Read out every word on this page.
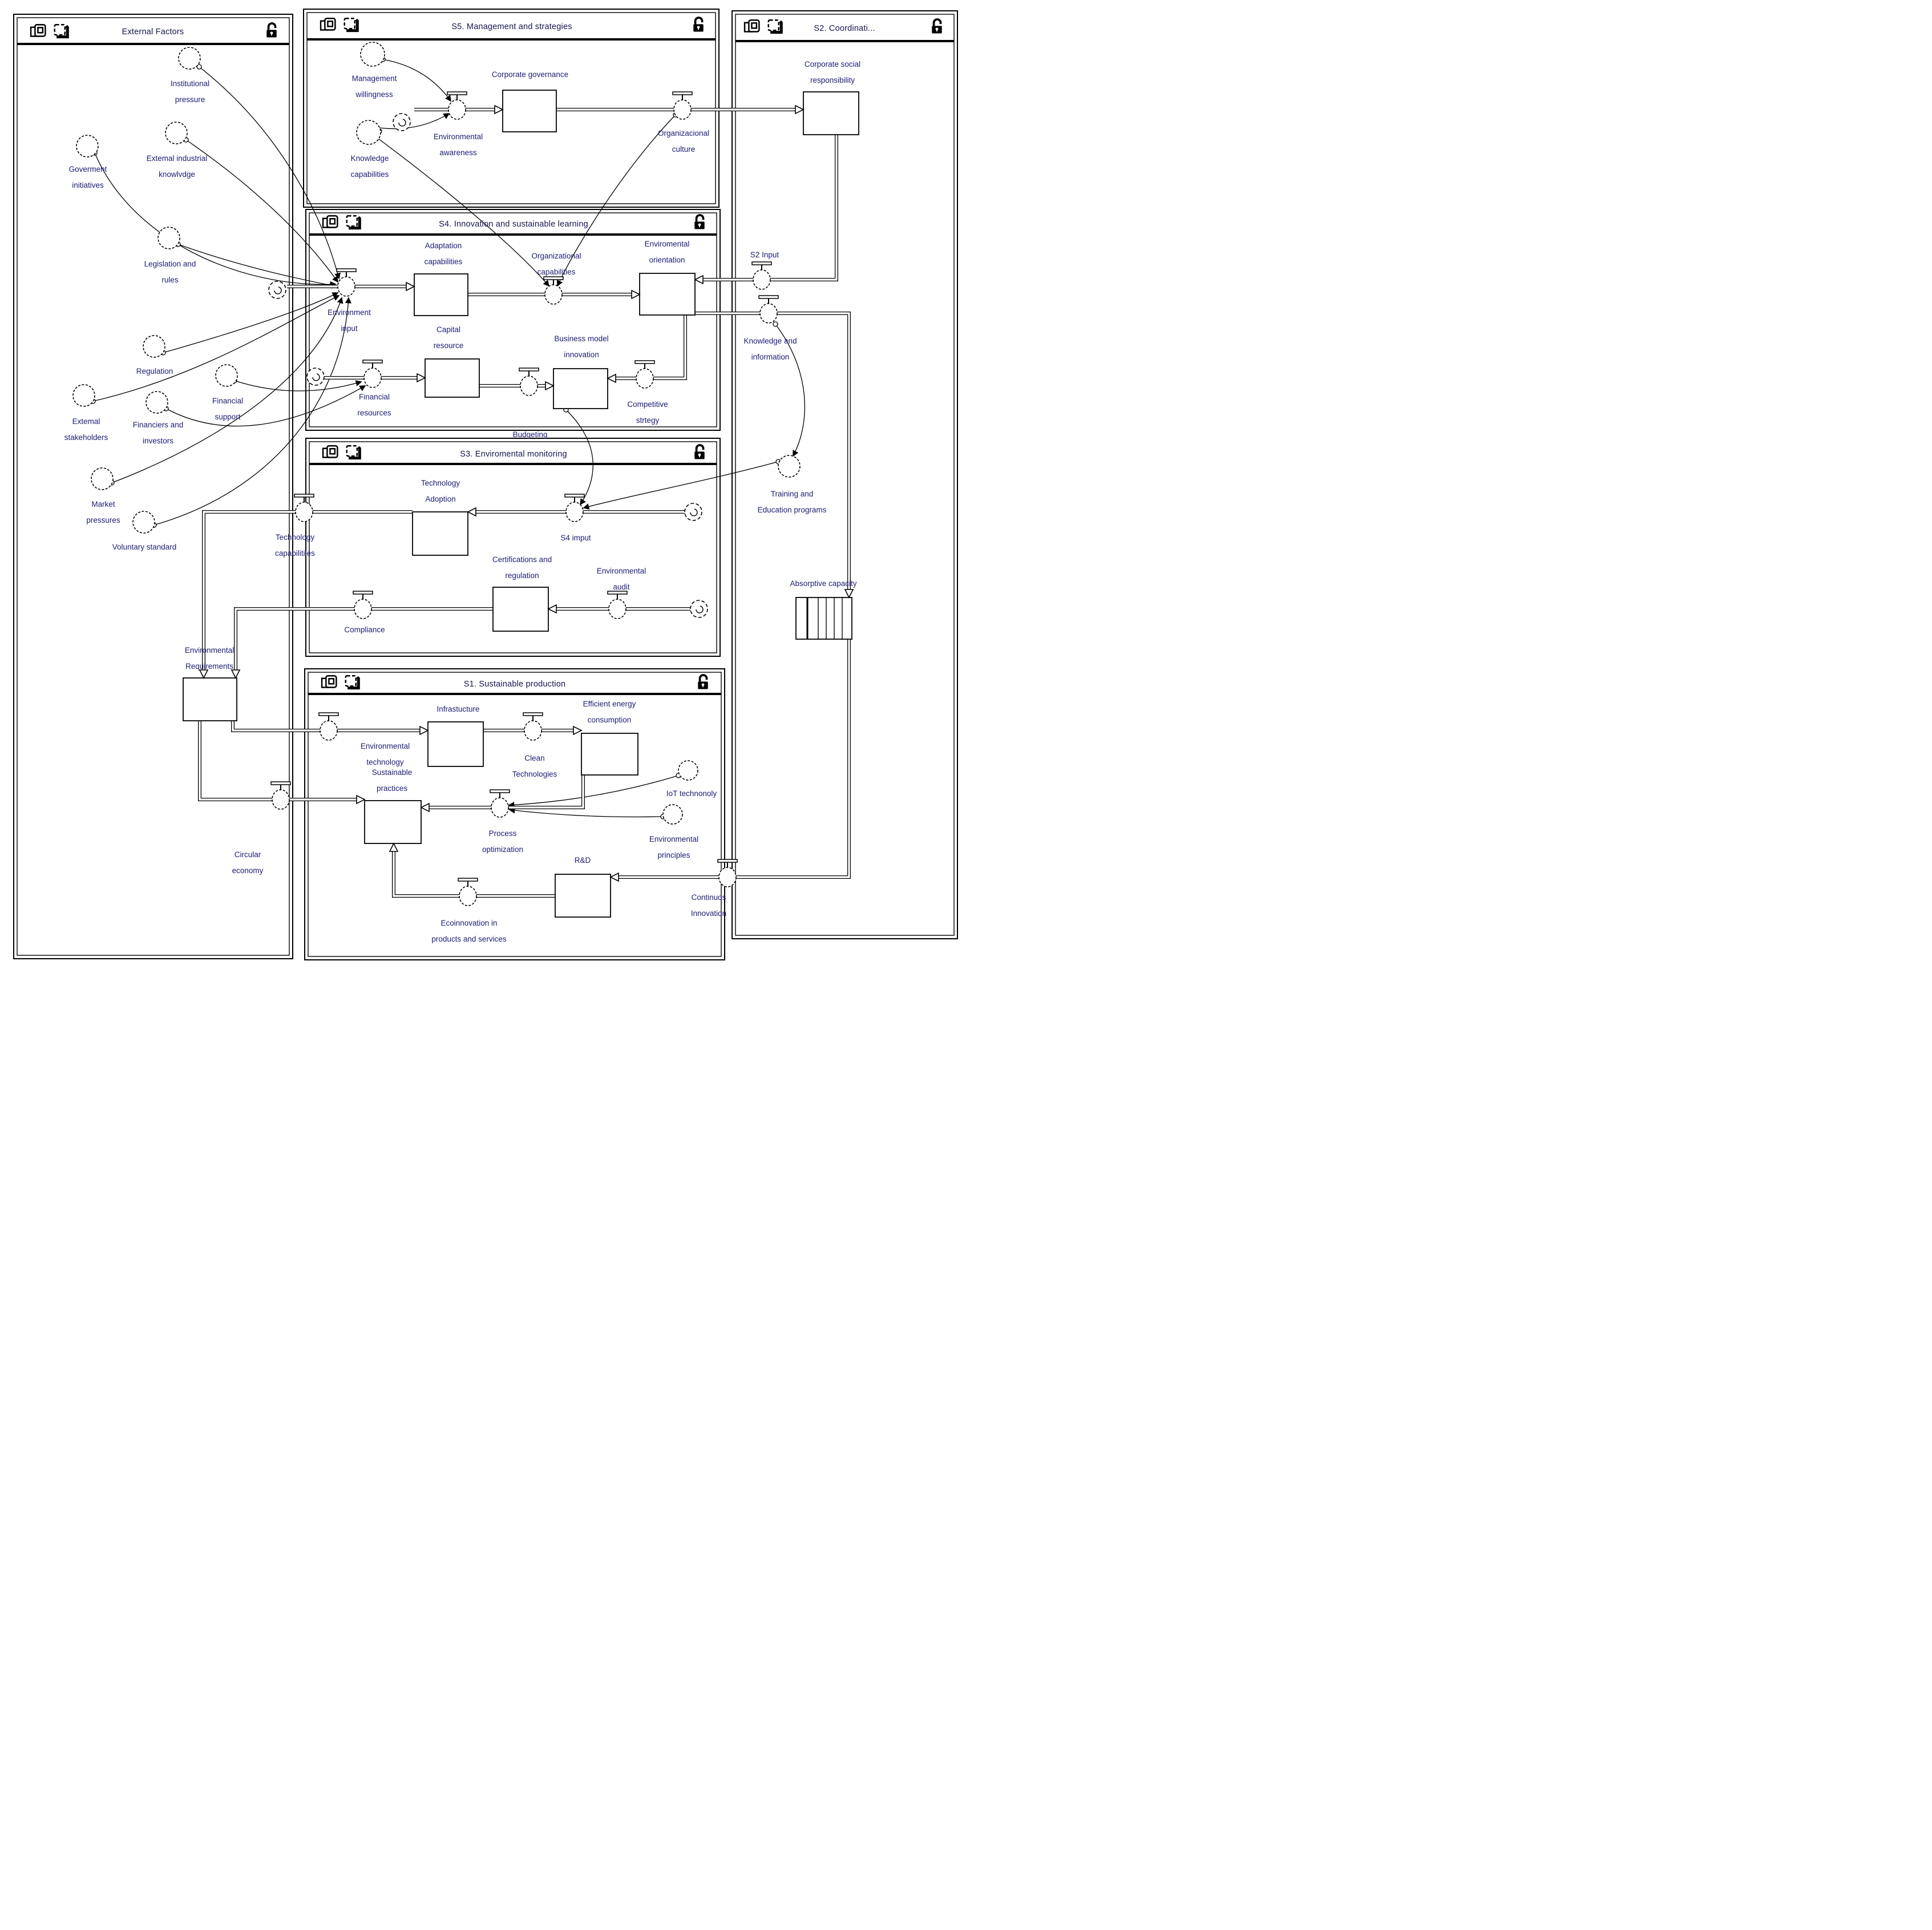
Institutional
pressure
Goverment
initiatives
Extemal industrial
knowlvdge
Legislation and
rules
Regulation
Financial
support
Extemal
stakeholders
Financiers and
investors
Market
pressures
Voluntary standard
Environmental
Requirements
Circular
economy
Management
willingness
Knowledge
capabilities
Environmental
awareness
Corporate governance
Organizacional
culture
Environment
input
Adaptation
capabilities
Organizational
capabilities
Enviromental
orientation
Financial
resources
Capital
resource
Budgeting
Business model
innovation
Competitive
strtegy
Technology
Adoption
Technology
capabilitiies
S4 imput
Certifications and
regulation
Compliance
Environmental
audit
Environmental
technology
Infrastucture
Clean
Technologies
Efficient energy
consumption
Sustainable
practices
Process
optimization
IoT technonoly
Environmental
principles
R&D
Continuos
Innovation
Ecoinnovation in
products and services
Corporate social
responsibility
S2 Input
Knowledge and
information
Training and
Education programs
Absorptive capacity
External Factors
S5. Management and strategies
S4. Innovation and sustainable learning
S3. Enviromental monitoring
S1. Sustainable production
S2. Coordinati...
